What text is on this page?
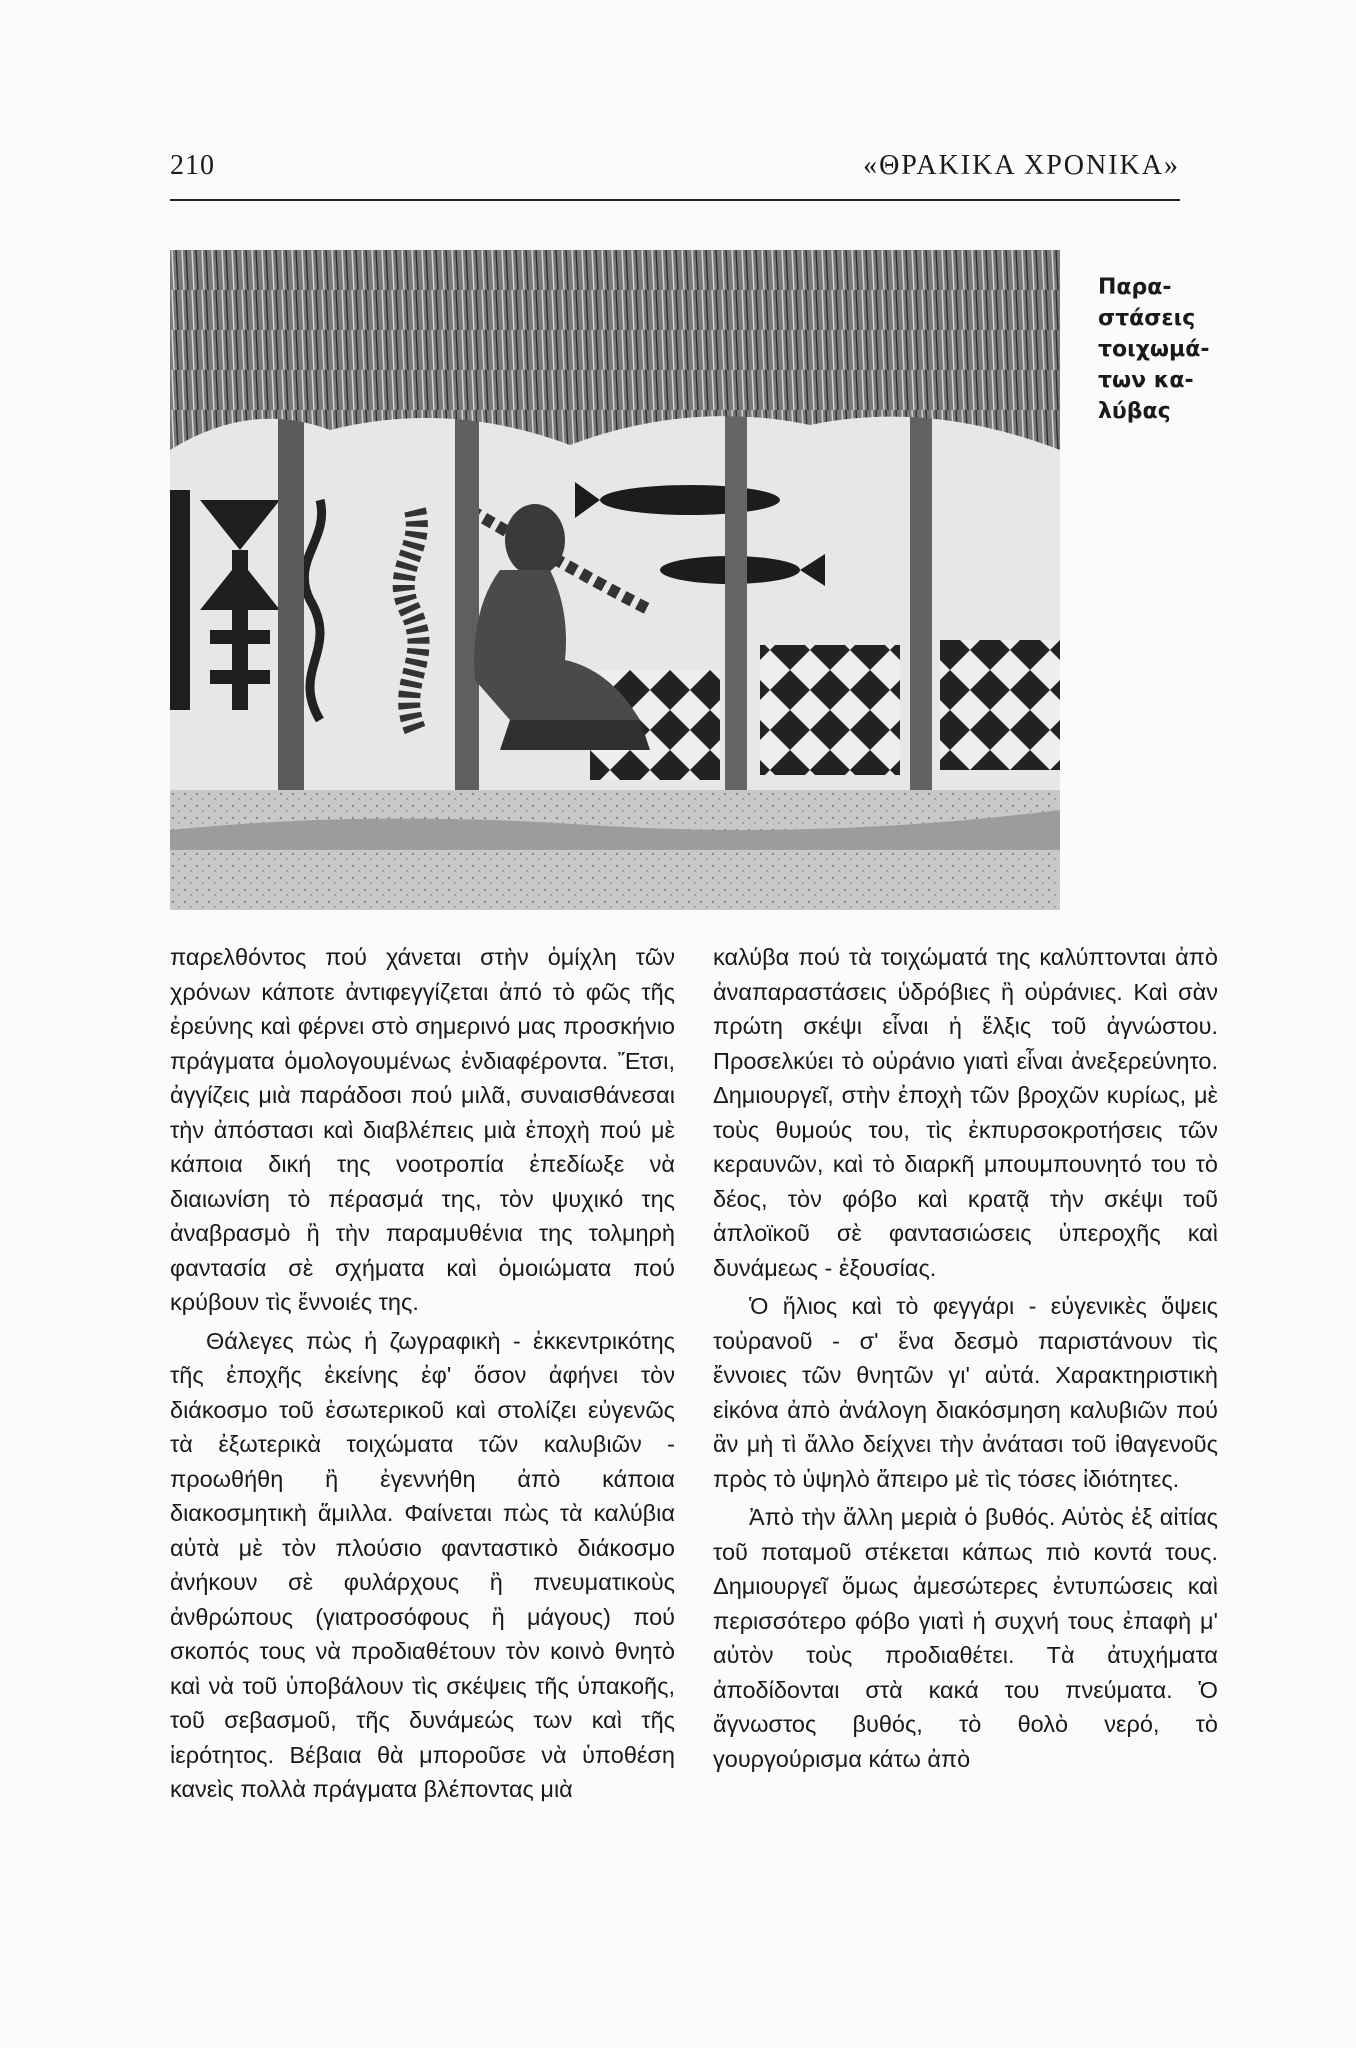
210	«ΘΡΑΚΙΚΑ ΧΡΟΝΙΚΑ»
Παρα-
στάσεις
τοιχωμά-
των κα-
λύβας

παρελθόντος πού χάνεται στὴν ὁμίχλη τῶν χρόνων κάποτε ἀντιφεγγίζεται ἀπό τὸ φῶς τῆς ἐρεύνης καὶ φέρνει στὸ σημερινό μας προσκήνιο πράγματα ὁμολογουμένως ἐνδιαφέροντα. Ἔτσι, ἀγγίζεις μιὰ παράδοσι πού μιλᾶ, συναισθάνεσαι τὴν ἀπόστασι καὶ διαβλέπεις μιὰ ἐποχὴ πού μὲ κάποια δική της νοοτροπία ἐπεδίωξε νὰ διαιωνίση τὸ πέρασμά της, τὸν ψυχικό της ἀναβρασμὸ ἢ τὴν παραμυθένια της τολμηρὴ φαντασία σὲ σχήματα καὶ ὁμοιώματα πού κρύβουν τὶς ἔννοιές της.

Θάλεγες πὼς ἡ ζωγραφικὴ - ἐκκεντρικότης τῆς ἐποχῆς ἐκείνης ἐφ' ὅσον ἀφήνει τὸν διάκοσμο τοῦ ἐσωτερικοῦ καὶ στολίζει εὐγενῶς τὰ ἐξωτερικὰ τοιχώματα τῶν καλυβιῶν - προωθήθη ἢ ἐγεννήθη ἀπὸ κάποια διακοσμητικὴ ἅμιλλα. Φαίνεται πὼς τὰ καλύβια αὐτὰ μὲ τὸν πλούσιο φανταστικὸ διάκοσμο ἀνήκουν σὲ φυλάρχους ἢ πνευματικοὺς ἀνθρώπους (γιατροσόφους ἢ μάγους) πού σκοπός τους νὰ προδιαθέτουν τὸν κοινὸ θνητὸ καὶ νὰ τοῦ ὑποβάλουν τὶς σκέψεις τῆς ὑπακοῆς, τοῦ σεβασμοῦ, τῆς δυνάμεώς των καὶ τῆς ἱερότητος. Βέβαια θὰ μποροῦσε νὰ ὑποθέση κανεὶς πολλὰ πράγματα βλέποντας μιὰ

καλύβα πού τὰ τοιχώματά της καλύπτονται ἀπὸ ἀναπαραστάσεις ὑδρόβιες ἢ οὐράνιες. Καὶ σὰν πρώτη σκέψι εἶναι ἡ ἕλξις τοῦ ἀγνώστου. Προσελκύει τὸ οὐράνιο γιατὶ εἶναι ἀνεξερεύνητο. Δημιουργεῖ, στὴν ἐποχὴ τῶν βροχῶν κυρίως, μὲ τοὺς θυμούς του, τὶς ἐκπυρσοκροτήσεις τῶν κεραυνῶν, καὶ τὸ διαρκῆ μπουμπουνητό του τὸ δέος, τὸν φόβο καὶ κρατᾷ τὴν σκέψι τοῦ ἁπλοϊκοῦ σὲ φαντασιώσεις ὑπεροχῆς καὶ δυνάμεως - ἐξουσίας.

Ὁ ἥλιος καὶ τὸ φεγγάρι - εὐγενικὲς ὄψεις τοὐρανοῦ - σ' ἕνα δεσμὸ παριστάνουν τὶς ἔννοιες τῶν θνητῶν γι' αὐτά. Χαρακτηριστικὴ εἰκόνα ἀπὸ ἀνάλογη διακόσμηση καλυβιῶν πού ἂν μὴ τὶ ἄλλο δείχνει τὴν ἀνάτασι τοῦ ἰθαγενοῦς πρὸς τὸ ὑψηλὸ ἄπειρο μὲ τὶς τόσες ἰδιότητες.

Ἀπὸ τὴν ἄλλη μεριὰ ὁ βυθός. Αὐτὸς ἐξ αἰτίας τοῦ ποταμοῦ στέκεται κάπως πιὸ κοντά τους. Δημιουργεῖ ὅμως ἀμεσώτερες ἐντυπώσεις καὶ περισσότερο φόβο γιατὶ ἡ συχνή τους ἐπαφὴ μ' αὐτὸν τοὺς προδιαθέτει. Τὰ ἀτυχήματα ἀποδίδονται στὰ κακά του πνεύματα. Ὁ ἄγνωστος βυθός, τὸ θολὸ νερό, τὸ γουργούρισμα κάτω ἀπὸ
